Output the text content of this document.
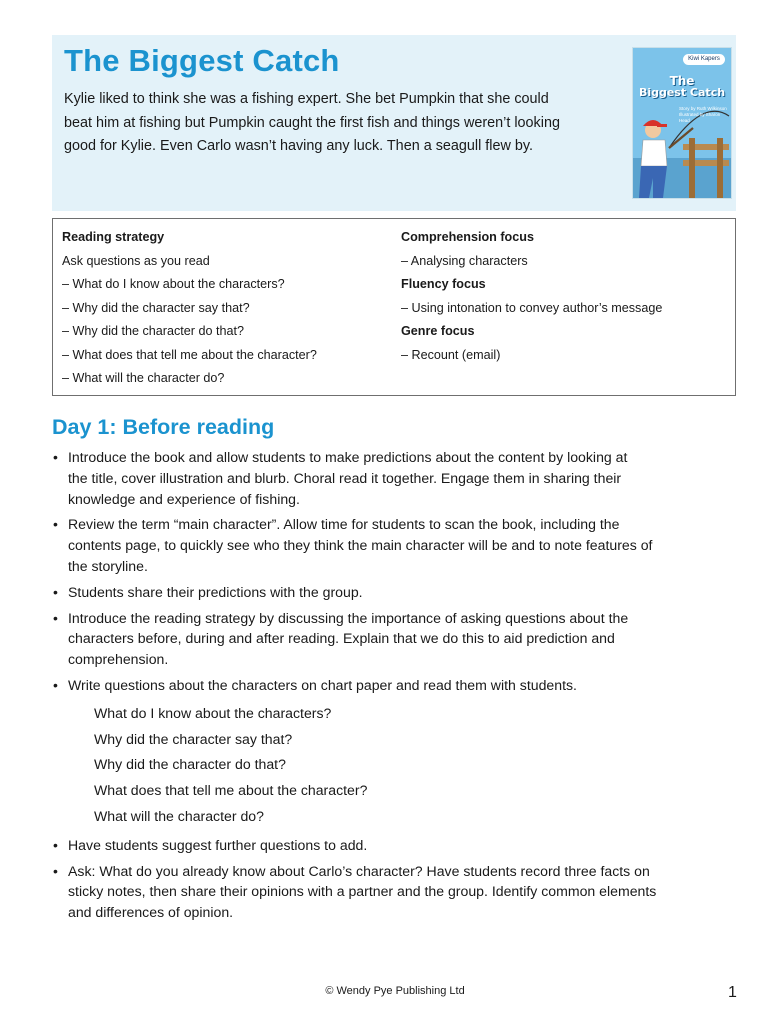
The Biggest Catch

Kylie liked to think she was a fishing expert. She bet Pumpkin that she could beat him at fishing but Pumpkin caught the first fish and things weren’t looking good for Kylie. Even Carlo wasn’t having any luck. Then a seagull flew by.

Kiwi Kapers
The
Biggest Catch
Story by Ruth Wilkinson Illustrated by Sharon Head
Reading strategy
Ask questions as you read
– What do I know about the characters?
– Why did the character say that?
– Why did the character do that?
– What does that tell me about the character?
– What will the character do?
Comprehension focus
– Analysing characters
Fluency focus
– Using intonation to convey author’s message
Genre focus
– Recount (email)
Day 1: Before reading
• Introduce the book and allow students to make predictions about the content by looking at
the title, cover illustration and blurb. Choral read it together. Engage them in sharing their
knowledge and experience of fishing.
• Review the term “main character”. Allow time for students to scan the book, including the
contents page, to quickly see who they think the main character will be and to note features of
the storyline.
• Students share their predictions with the group.
• Introduce the reading strategy by discussing the importance of asking questions about the
characters before, during and after reading. Explain that we do this to aid prediction and
comprehension.
• Write questions about the characters on chart paper and read them with students.
What do I know about the characters?
Why did the character say that?
Why did the character do that?
What does that tell me about the character?
What will the character do?
• Have students suggest further questions to add.
• Ask: What do you already know about Carlo’s character? Have students record three facts on
sticky notes, then share their opinions with a partner and the group. Identify common elements
and differences of opinion.
© Wendy Pye Publishing Ltd	1
